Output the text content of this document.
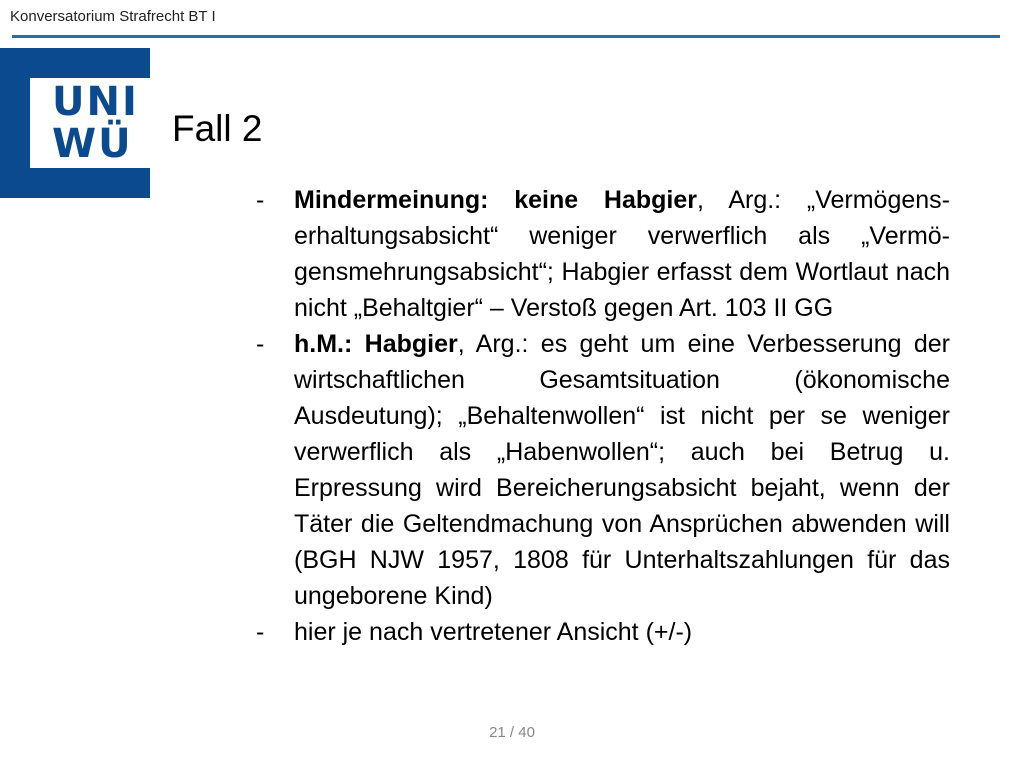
Konversatorium Strafrecht BT I
UNI
WÜ Fall 2
- Mindermeinung: keine Habgier, Arg.: „Vermögens-erhaltungsabsicht“ weniger verwerflich als „Vermö-gensmehrungsabsicht“; Habgier erfasst dem Wortlaut nach nicht „Behaltgier“ – Verstoß gegen Art. 103 II GG
- h.M.: Habgier, Arg.: es geht um eine Verbesserung der wirtschaftlichen Gesamtsituation (ökonomische Ausdeutung); „Behaltenwollen“ ist nicht per se weniger verwerflich als „Habenwollen“; auch bei Betrug u. Erpressung wird Bereicherungsabsicht bejaht, wenn der Täter die Geltendmachung von Ansprüchen abwenden will (BGH NJW 1957, 1808 für Unterhaltszahlungen für das ungeborene Kind)
- hier je nach vertretener Ansicht (+/-)
21 / 40
